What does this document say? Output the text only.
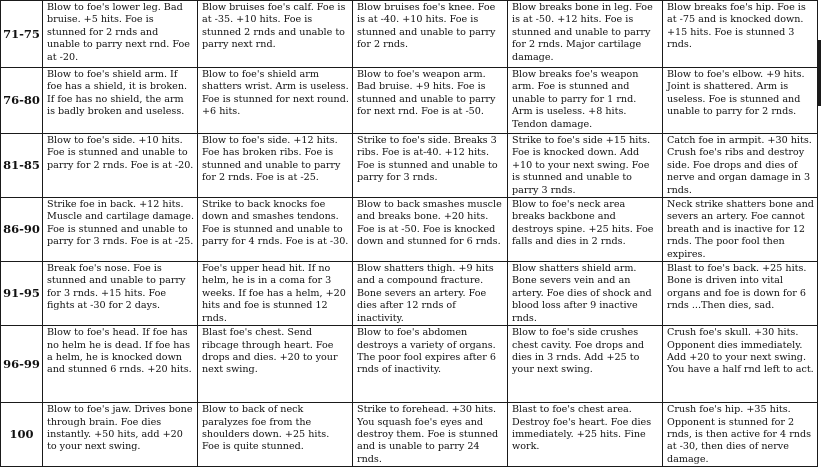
71-75	Blow to foe's lower leg. Bad bruise. +5 hits. Foe is stunned for 2 rnds and unable to parry next rnd. Foe at -20.	Blow bruises foe's calf. Foe is at -35. +10 hits. Foe is stunned 2 rnds and unable to parry next rnd.	Blow bruises foe's knee. Foe is at -40. +10 hits. Foe is stunned and unable to parry for 2 rnds.	Blow breaks bone in leg. Foe is at -50. +12 hits. Foe is stunned and unable to parry for 2 rnds. Major cartilage damage.	Blow breaks foe's hip. Foe is at -75 and is knocked down. +15 hits. Foe is stunned 3 rnds.
76-80	Blow to foe's shield arm. If foe has a shield, it is broken. If foe has no shield, the arm is badly broken and useless.	Blow to foe's shield arm shatters wrist. Arm is useless. Foe is stunned for next round. +6 hits.	Blow to foe's weapon arm. Bad bruise. +9 hits. Foe is stunned and unable to parry for next rnd. Foe is at -50.	Blow breaks foe's weapon arm. Foe is stunned and unable to parry for 1 rnd. Arm is useless. +8 hits. Tendon damage.	Blow to foe's elbow. +9 hits. Joint is shattered. Arm is useless. Foe is stunned and unable to parry for 2 rnds.
81-85	Blow to foe's side. +10 hits. Foe is stunned and unable to parry for 2 rnds. Foe is at -20.	Blow to foe's side. +12 hits. Foe has broken ribs. Foe is stunned and unable to parry for 2 rnds. Foe is at -25.	Strike to foe's side. Breaks 3 ribs. Foe is at-40. +12 hits. Foe is stunned and unable to parry for 3 rnds.	Strike to foe's side +15 hits. Foe is knocked down. Add +10 to your next swing. Foe is stunned and unable to parry 3 rnds.	Catch foe in armpit. +30 hits. Crush foe's ribs and destroy side. Foe drops and dies of nerve and organ damage in 3 rnds.
86-90	Strike foe in back. +12 hits. Muscle and cartilage damage. Foe is stunned and unable to parry for 3 rnds. Foe is at -25.	Strike to back knocks foe down and smashes tendons. Foe is stunned and unable to parry for 4 rnds. Foe is at -30.	Blow to back smashes muscle and breaks bone. +20 hits. Foe is at -50. Foe is knocked down and stunned for 6 rnds.	Blow to foe's neck area breaks backbone and destroys spine. +25 hits. Foe falls and dies in 2 rnds.	Neck strike shatters bone and severs an artery. Foe cannot breath and is inactive for 12 rnds. The poor fool then expires.
91-95	Break foe's nose. Foe is stunned and unable to parry for 3 rnds. +15 hits. Foe fights at -30 for 2 days.	Foe's upper head hit. If no helm, he is in a coma for 3 weeks. If foe has a helm, +20 hits and foe is stunned 12 rnds.	Blow shatters thigh. +9 hits and a compound fracture. Bone severs an artery. Foe dies after 12 rnds of inactivity.	Blow shatters shield arm. Bone severs vein and an artery. Foe dies of shock and blood loss after 9 inactive rnds.	Blast to foe's back. +25 hits. Bone is driven into vital organs and foe is down for 6 rnds ...Then dies, sad.
96-99	Blow to foe's head. If foe has no helm he is dead. If foe has a helm, he is knocked down and stunned 6 rnds. +20 hits.	Blast foe's chest. Send ribcage through heart. Foe drops and dies. +20 to your next swing.	Blow to foe's abdomen destroys a variety of organs. The poor fool expires after 6 rnds of inactivity.	Blow to foe's side crushes chest cavity. Foe drops and dies in 3 rnds. Add +25 to your next swing.	Crush foe's skull. +30 hits. Opponent dies immediately. Add +20 to your next swing. You have a half rnd left to act.
100	Blow to foe's jaw. Drives bone through brain. Foe dies instantly. +50 hits, add +20 to your next swing.	Blow to back of neck paralyzes foe from the shoulders down. +25 hits. Foe is quite stunned.	Strike to forehead. +30 hits. You squash foe's eyes and destroy them. Foe is stunned and is unable to parry 24 rnds.	Blast to foe's chest area. Destroy foe's heart. Foe dies immediately. +25 hits. Fine work.	Crush foe's hip. +35 hits. Opponent is stunned for 2 rnds, is then active for 4 rnds at -30, then dies of nerve damage.
